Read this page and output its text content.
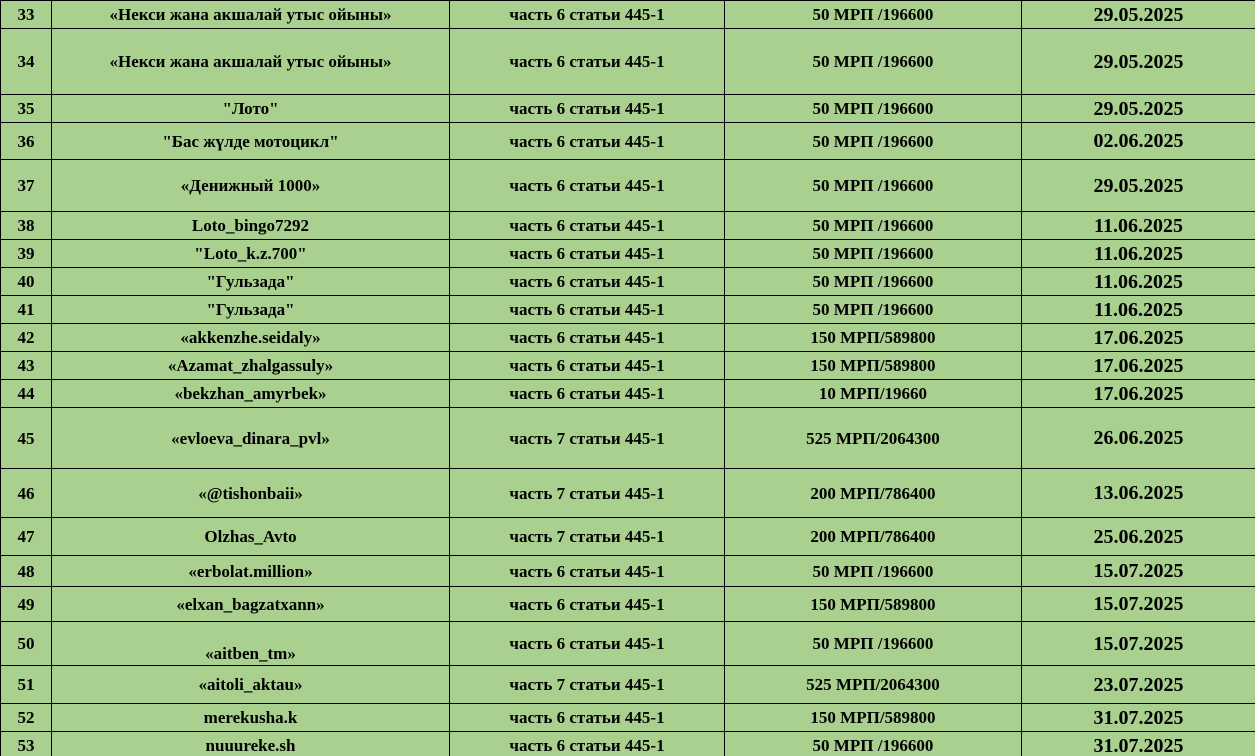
33	«Некси жана акшалай утыс ойыны»	часть 6 статьи 445-1	50 МРП /196600	29.05.2025
34	«Некси жана акшалай утыс ойыны»	часть 6 статьи 445-1	50 МРП /196600	29.05.2025
35	"Лото"	часть 6 статьи 445-1	50 МРП /196600	29.05.2025
36	"Бас жүлде мотоцикл"	часть 6 статьи 445-1	50 МРП /196600	02.06.2025
37	«Денижный 1000»	часть 6 статьи 445-1	50 МРП /196600	29.05.2025
38	Loto_bingo7292	часть 6 статьи 445-1	50 МРП /196600	11.06.2025
39	"Loto_k.z.700"	часть 6 статьи 445-1	50 МРП /196600	11.06.2025
40	"Гульзада"	часть 6 статьи 445-1	50 МРП /196600	11.06.2025
41	"Гульзада"	часть 6 статьи 445-1	50 МРП /196600	11.06.2025
42	«akkenzhe.seidaly»	часть 6 статьи 445-1	150 МРП/589800	17.06.2025
43	«Azamat_zhalgassuly»	часть 6 статьи 445-1	150 МРП/589800	17.06.2025
44	«bekzhan_amyrbek»	часть 6 статьи 445-1	10 МРП/19660	17.06.2025
45	«evloeva_dinara_pvl»	часть 7 статьи 445-1	525 МРП/2064300	26.06.2025
46	«@tishonbaii»	часть 7 статьи 445-1	200 МРП/786400	13.06.2025
47	Olzhas_Avto	часть 7 статьи 445-1	200 МРП/786400	25.06.2025
48	«erbolat.million»	часть 6 статьи 445-1	50 МРП /196600	15.07.2025
49	«elxan_bagzatxann»	часть 6 статьи 445-1	150 МРП/589800	15.07.2025
50	«aitben_tm»	часть 6 статьи 445-1	50 МРП /196600	15.07.2025
51	«aitoli_aktau»	часть 7 статьи 445-1	525 МРП/2064300	23.07.2025
52	merekusha.k	часть 6 статьи 445-1	150 МРП/589800	31.07.2025
53	nuuureke.sh	часть 6 статьи 445-1	50 МРП /196600	31.07.2025
